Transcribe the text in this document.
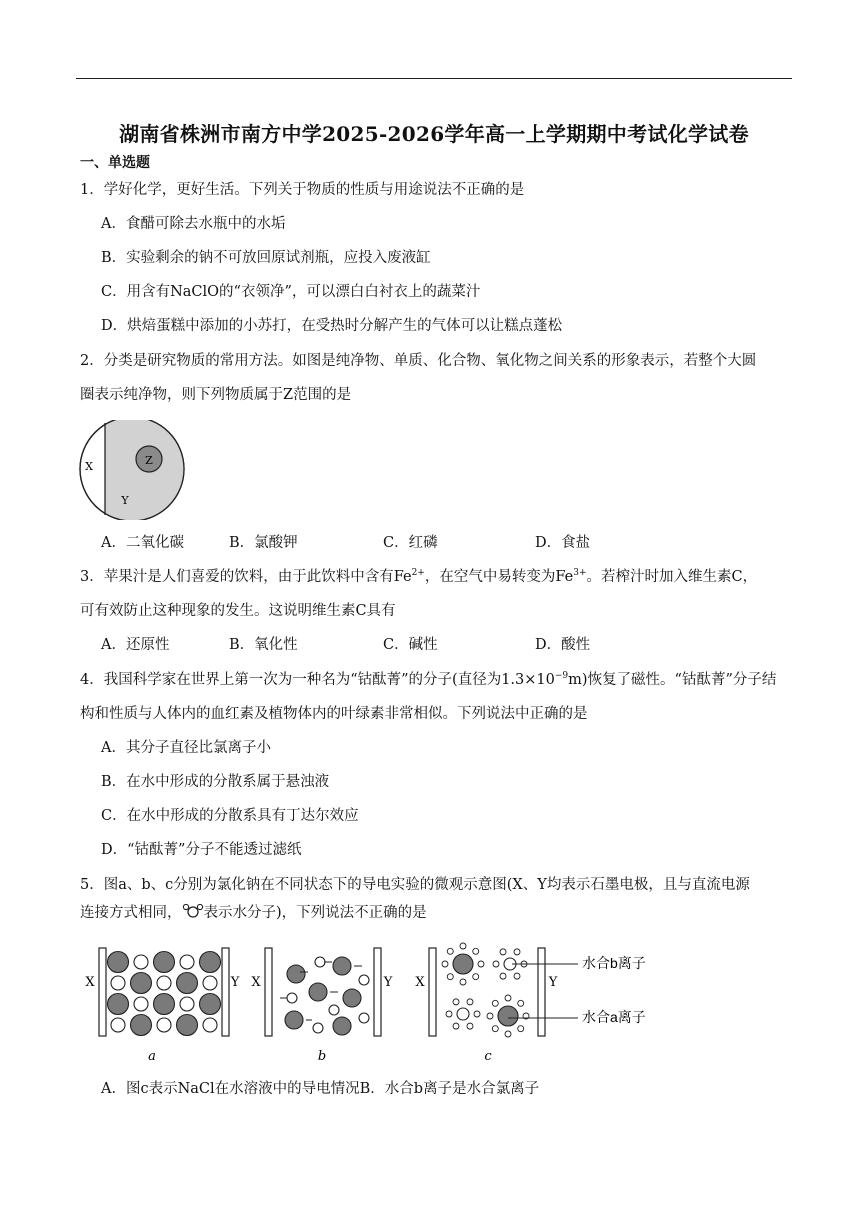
湖南省株洲市南方中学2025-2026学年高一上学期期中考试化学试卷
一、单选题
1．学好化学，更好生活。下列关于物质的性质与用途说法不正确的是
A．食醋可除去水瓶中的水垢
B．实验剩余的钠不可放回原试剂瓶，应投入废液缸
C．用含有NaClO的“衣领净”，可以漂白白衬衣上的蔬菜汁
D．烘焙蛋糕中添加的小苏打，在受热时分解产生的气体可以让糕点蓬松
2．分类是研究物质的常用方法。如图是纯净物、单质、化合物、氧化物之间关系的形象表示，若整个大圆
圈表示纯净物，则下列物质属于Z范围的是
Z
X
Y
A．二氧化碳	B．氯酸钾	C．红磷	D．食盐
3．苹果汁是人们喜爱的饮料，由于此饮料中含有$Fe^{2+}$，在空气中易转变为$Fe^{3+}$。若榨汁时加入维生素C，
可有效防止这种现象的发生。这说明维生素C具有
A．还原性	B．氧化性	C．碱性	D．酸性
4．我国科学家在世界上第一次为一种名为“钴酞菁”的分子(直径为$1.3\times 10^{-9}m$)恢复了磁性。“钴酞菁”分子结
构和性质与人体内的血红素及植物体内的叶绿素非常相似。下列说法中正确的是
A．其分子直径比氯离子小
B．在水中形成的分散系属于悬浊液
C．在水中形成的分散系具有丁达尔效应
D．“钴酞菁”分子不能透过滤纸
5．图a、b、c分别为氯化钠在不同状态下的导电实验的微观示意图(X、Y均表示石墨电极，且与直流电源
连接方式相同， 表示水分子)，下列说法不正确的是
X	Y
a
X	Y
b
X	Y
c
水合b离子
水合a离子
A．图c表示NaCl在水溶液中的导电情况B．水合b离子是水合氯离子
